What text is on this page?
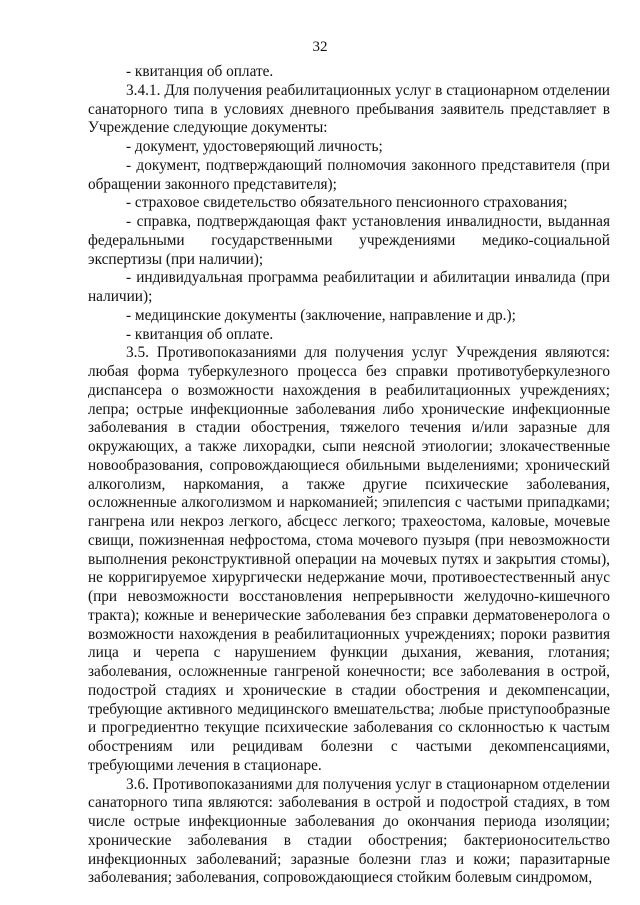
32

- квитанция об оплате.

3.4.1. Для получения реабилитационных услуг в стационарном отделении санаторного типа в условиях дневного пребывания заявитель представляет в Учреждение следующие документы:

- документ, удостоверяющий личность;

- документ, подтверждающий полномочия законного представителя (при обращении законного представителя);

- страховое свидетельство обязательного пенсионного страхования;

- справка, подтверждающая факт установления инвалидности, выданная федеральными государственными учреждениями медико-социальной экспертизы (при наличии);

- индивидуальная программа реабилитации и абилитации инвалида (при наличии);

- медицинские документы (заключение, направление и др.);

- квитанция об оплате.

3.5. Противопоказаниями для получения услуг Учреждения являются: любая форма туберкулезного процесса без справки противотуберкулезного диспансера о возможности нахождения в реабилитационных учреждениях; лепра; острые инфекционные заболевания либо хронические инфекционные заболевания в стадии обострения, тяжелого течения и/или заразные для окружающих, а также лихорадки, сыпи неясной этиологии; злокачественные новообразования, сопровождающиеся обильными выделениями; хронический алкоголизм, наркомания, а также другие психические заболевания, осложненные алкоголизмом и наркоманией; эпилепсия с частыми припадками; гангрена или некроз легкого, абсцесс легкого; трахеостома, каловые, мочевые свищи, пожизненная нефростома, стома мочевого пузыря (при невозможности выполнения реконструктивной операции на мочевых путях и закрытия стомы), не корригируемое хирургически недержание мочи, противоестественный анус (при невозможности восстановления непрерывности желудочно-кишечного тракта); кожные и венерические заболевания без справки дерматовенеролога о возможности нахождения в реабилитационных учреждениях; пороки развития лица и черепа с нарушением функции дыхания, жевания, глотания; заболевания, осложненные гангреной конечности; все заболевания в острой, подострой стадиях и хронические в стадии обострения и декомпенсации, требующие активного медицинского вмешательства; любые приступообразные и прогредиентно текущие психические заболевания со склонностью к частым обострениям или рецидивам болезни с частыми декомпенсациями, требующими лечения в стационаре.

3.6. Противопоказаниями для получения услуг в стационарном отделении санаторного типа являются: заболевания в острой и подострой стадиях, в том числе острые инфекционные заболевания до окончания периода изоляции; хронические заболевания в стадии обострения; бактерионосительство инфекционных заболеваний; заразные болезни глаз и кожи; паразитарные заболевания; заболевания, сопровождающиеся стойким болевым синдромом,
